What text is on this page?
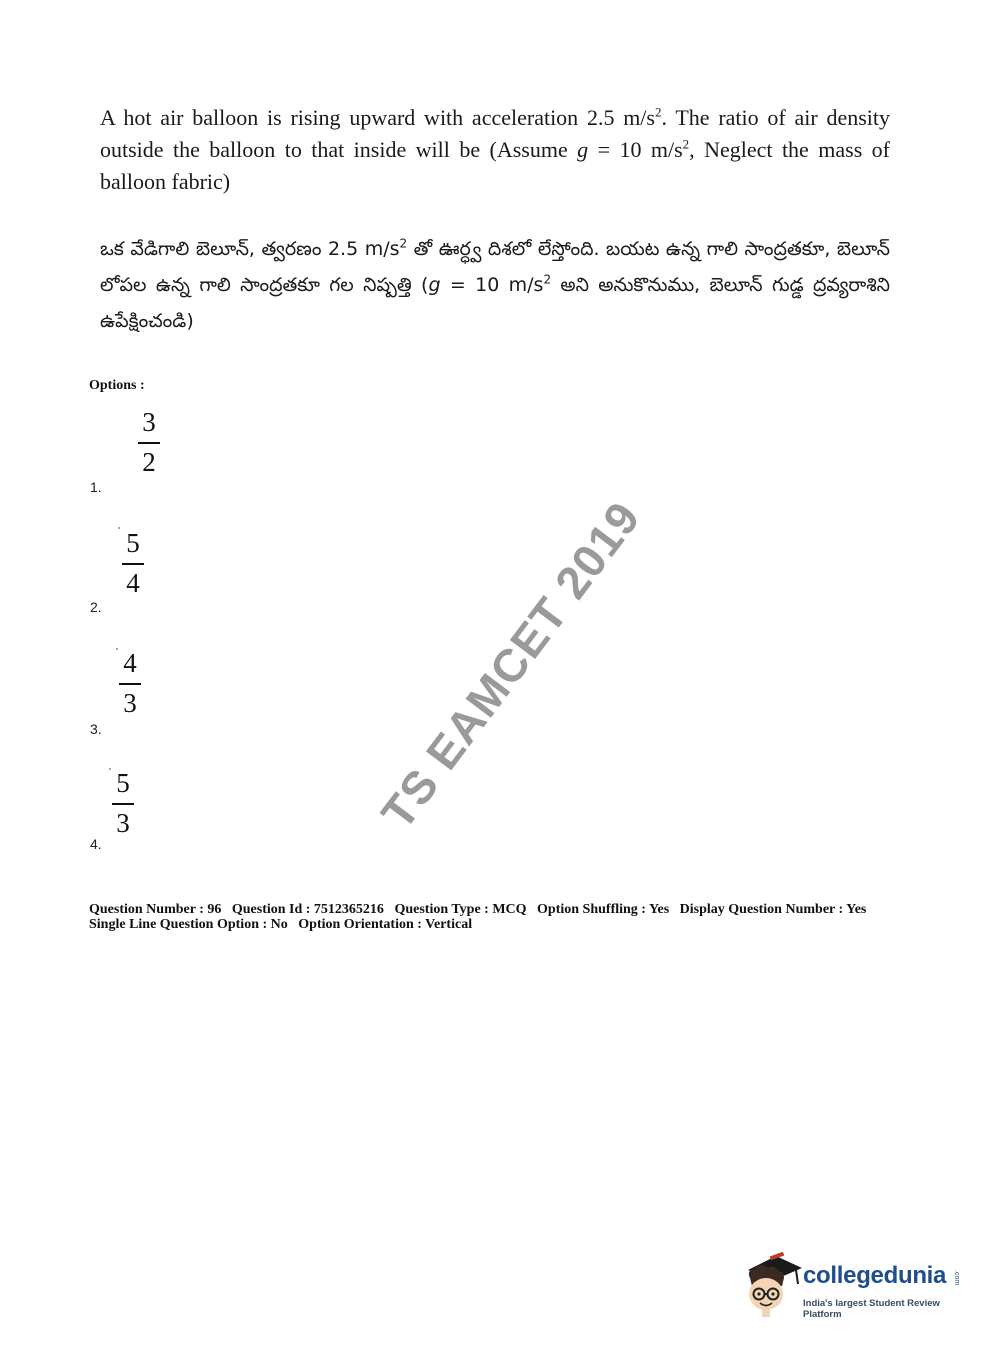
A hot air balloon is rising upward with acceleration 2.5 $m/s^2$. The ratio of air density outside the balloon to that inside will be (Assume g = 10 $m/s^2$, Neglect the mass of balloon fabric)
ఒక వేడిగాలి బెలూన్, త్వరణం 2.5 $m/s^2$ తో ఊర్ధ్వ దిశలో లేస్తోంది. బయట ఉన్న గాలి సాంద్రతకూ, బెలూన్ లోపల ఉన్న గాలి సాంద్రతకూ గల నిష్పత్తి (g = 10 $m/s^2$ అని అనుకొనుము, బెలూన్ గుడ్డ ద్రవ్యరాశిని ఉపేక్షించండి)
Options :
3
2
1.
5
4
2.
4
3
3.
5
3
4.
TS EAMCET 2019
Question Number : 96 Question Id : 7512365216 Question Type : MCQ Option Shuffling : Yes Display Question Number : Yes
Single Line Question Option : No Option Orientation : Vertical
collegedunia .com
India's largest Student Review Platform
